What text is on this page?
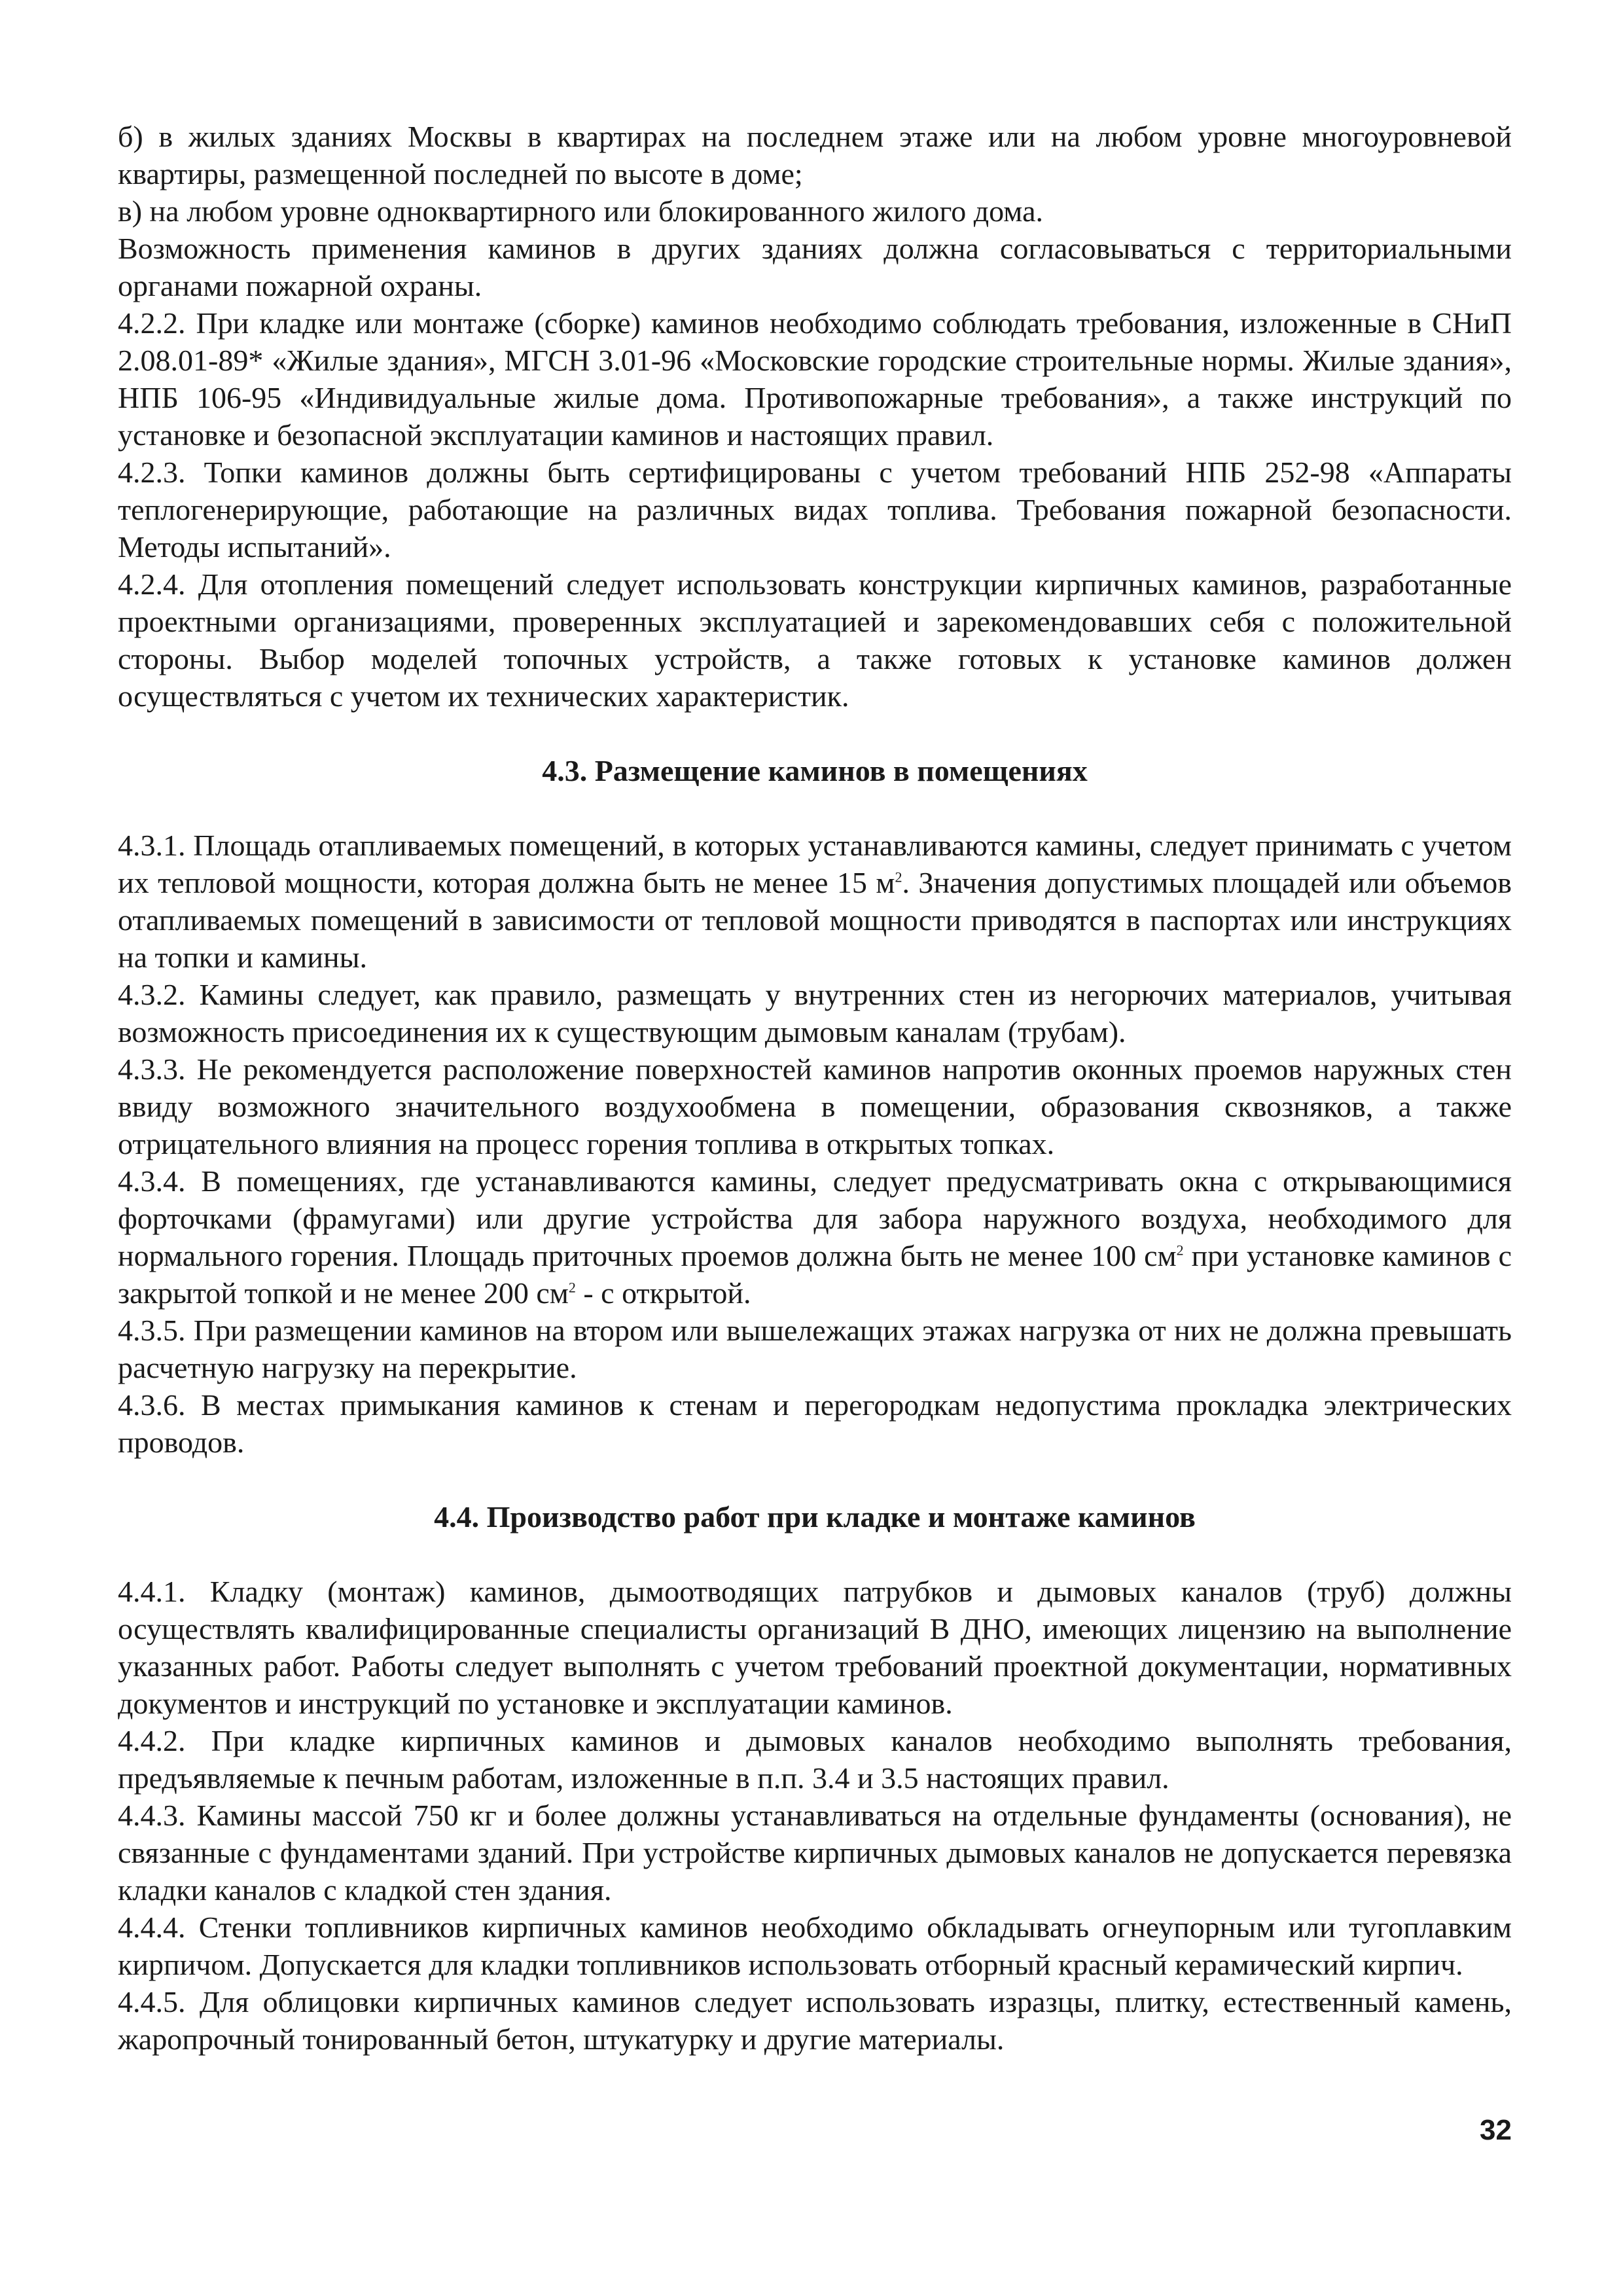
б) в жилых зданиях Москвы в квартирах на последнем этаже или на любом уровне многоуровневой квартиры, размещенной последней по высоте в доме;

в) на любом уровне одноквартирного или блокированного жилого дома.

Возможность применения каминов в других зданиях должна согласовываться с территориальными органами пожарной охраны.

4.2.2. При кладке или монтаже (сборке) каминов необходимо соблюдать требования, изложенные в СНиП 2.08.01-89* «Жилые здания», МГСН 3.01-96 «Московские городские строительные нормы. Жилые здания», НПБ 106-95 «Индивидуальные жилые дома. Противопожарные требования», а также инструкций по установке и безопасной эксплуатации каминов и настоящих правил.

4.2.3. Топки каминов должны быть сертифицированы с учетом требований НПБ 252-98 «Аппараты теплогенерирующие, работающие на различных видах топлива. Требования пожарной безопасности. Методы испытаний».

4.2.4. Для отопления помещений следует использовать конструкции кирпичных каминов, разработанные проектными организациями, проверенных эксплуатацией и зарекомендовавших себя с положительной стороны. Выбор моделей топочных устройств, а также готовых к установке каминов должен осуществляться с учетом их технических характеристик.

4.3. Размещение каминов в помещениях

4.3.1. Площадь отапливаемых помещений, в которых устанавливаются камины, следует принимать с учетом их тепловой мощности, которая должна быть не менее 15 $м^2$. Значения допустимых площадей или объемов отапливаемых помещений в зависимости от тепловой мощности приводятся в паспортах или инструкциях на топки и камины.

4.3.2. Камины следует, как правило, размещать у внутренних стен из негорючих материалов, учитывая возможность присоединения их к существующим дымовым каналам (трубам).

4.3.3. Не рекомендуется расположение поверхностей каминов напротив оконных проемов наружных стен ввиду возможного значительного воздухообмена в помещении, образования сквозняков, а также отрицательного влияния на процесс горения топлива в открытых топках.

4.3.4. В помещениях, где устанавливаются камины, следует предусматривать окна с открывающимися форточками (фрамугами) или другие устройства для забора наружного воздуха, необходимого для нормального горения. Площадь приточных проемов должна быть не менее 100 $см^2$ при установке каминов с закрытой топкой и не менее 200 $см^2$ - с открытой.

4.3.5. При размещении каминов на втором или вышележащих этажах нагрузка от них не должна превышать расчетную нагрузку на перекрытие.

4.3.6. В местах примыкания каминов к стенам и перегородкам недопустима прокладка электрических проводов.

4.4. Производство работ при кладке и монтаже каминов

4.4.1. Кладку (монтаж) каминов, дымоотводящих патрубков и дымовых каналов (труб) должны осуществлять квалифицированные специалисты организаций В ДНО, имеющих лицензию на выполнение указанных работ. Работы следует выполнять с учетом требований проектной документации, нормативных документов и инструкций по установке и эксплуатации каминов.

4.4.2. При кладке кирпичных каминов и дымовых каналов необходимо выполнять требования, предъявляемые к печным работам, изложенные в п.п. 3.4 и 3.5 настоящих правил.

4.4.3. Камины массой 750 кг и более должны устанавливаться на отдельные фундаменты (основания), не связанные с фундаментами зданий. При устройстве кирпичных дымовых каналов не допускается перевязка кладки каналов с кладкой стен здания.

4.4.4. Стенки топливников кирпичных каминов необходимо обкладывать огнеупорным или тугоплавким кирпичом. Допускается для кладки топливников использовать отборный красный керамический кирпич.

4.4.5. Для облицовки кирпичных каминов следует использовать изразцы, плитку, естественный камень, жаропрочный тонированный бетон, штукатурку и другие материалы.

32
